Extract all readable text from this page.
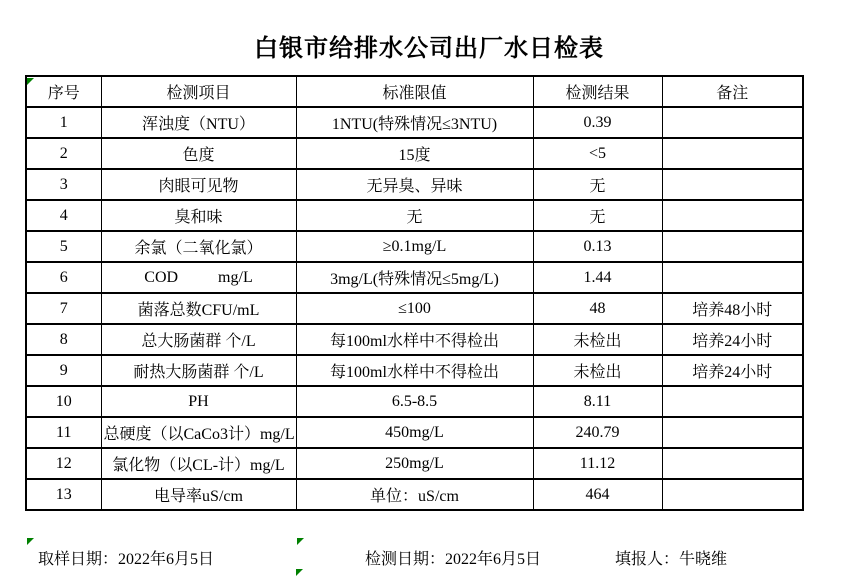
白银市给排水公司出厂水日检表
序号	检测项目	标准限值	检测结果	备注
1	浑浊度（NTU）	1NTU(特殊情况≤3NTU)	0.39	
2	色度	15度	<5	
3	肉眼可见物	无异臭、异味	无	
4	臭和味	无	无	
5	余氯（二氧化氯）	≥0.1mg/L	0.13	
6	COD          mg/L	3mg/L(特殊情况≤5mg/L)	1.44	
7	菌落总数CFU/mL	≤100	48	培养48小时
8	总大肠菌群 个/L	每100ml水样中不得检出	未检出	培养24小时
9	耐热大肠菌群 个/L	每100ml水样中不得检出	未检出	培养24小时
10	PH	6.5-8.5	8.11	
11	总硬度（以CaCo3计）mg/L	450mg/L	240.79	
12	氯化物（以CL-计）mg/L	250mg/L	11.12	
13	电导率uS/cm	单位：uS/cm	464	
取样日期：2022年6月5日	检测日期：2022年6月5日	填报人：牛晓维
